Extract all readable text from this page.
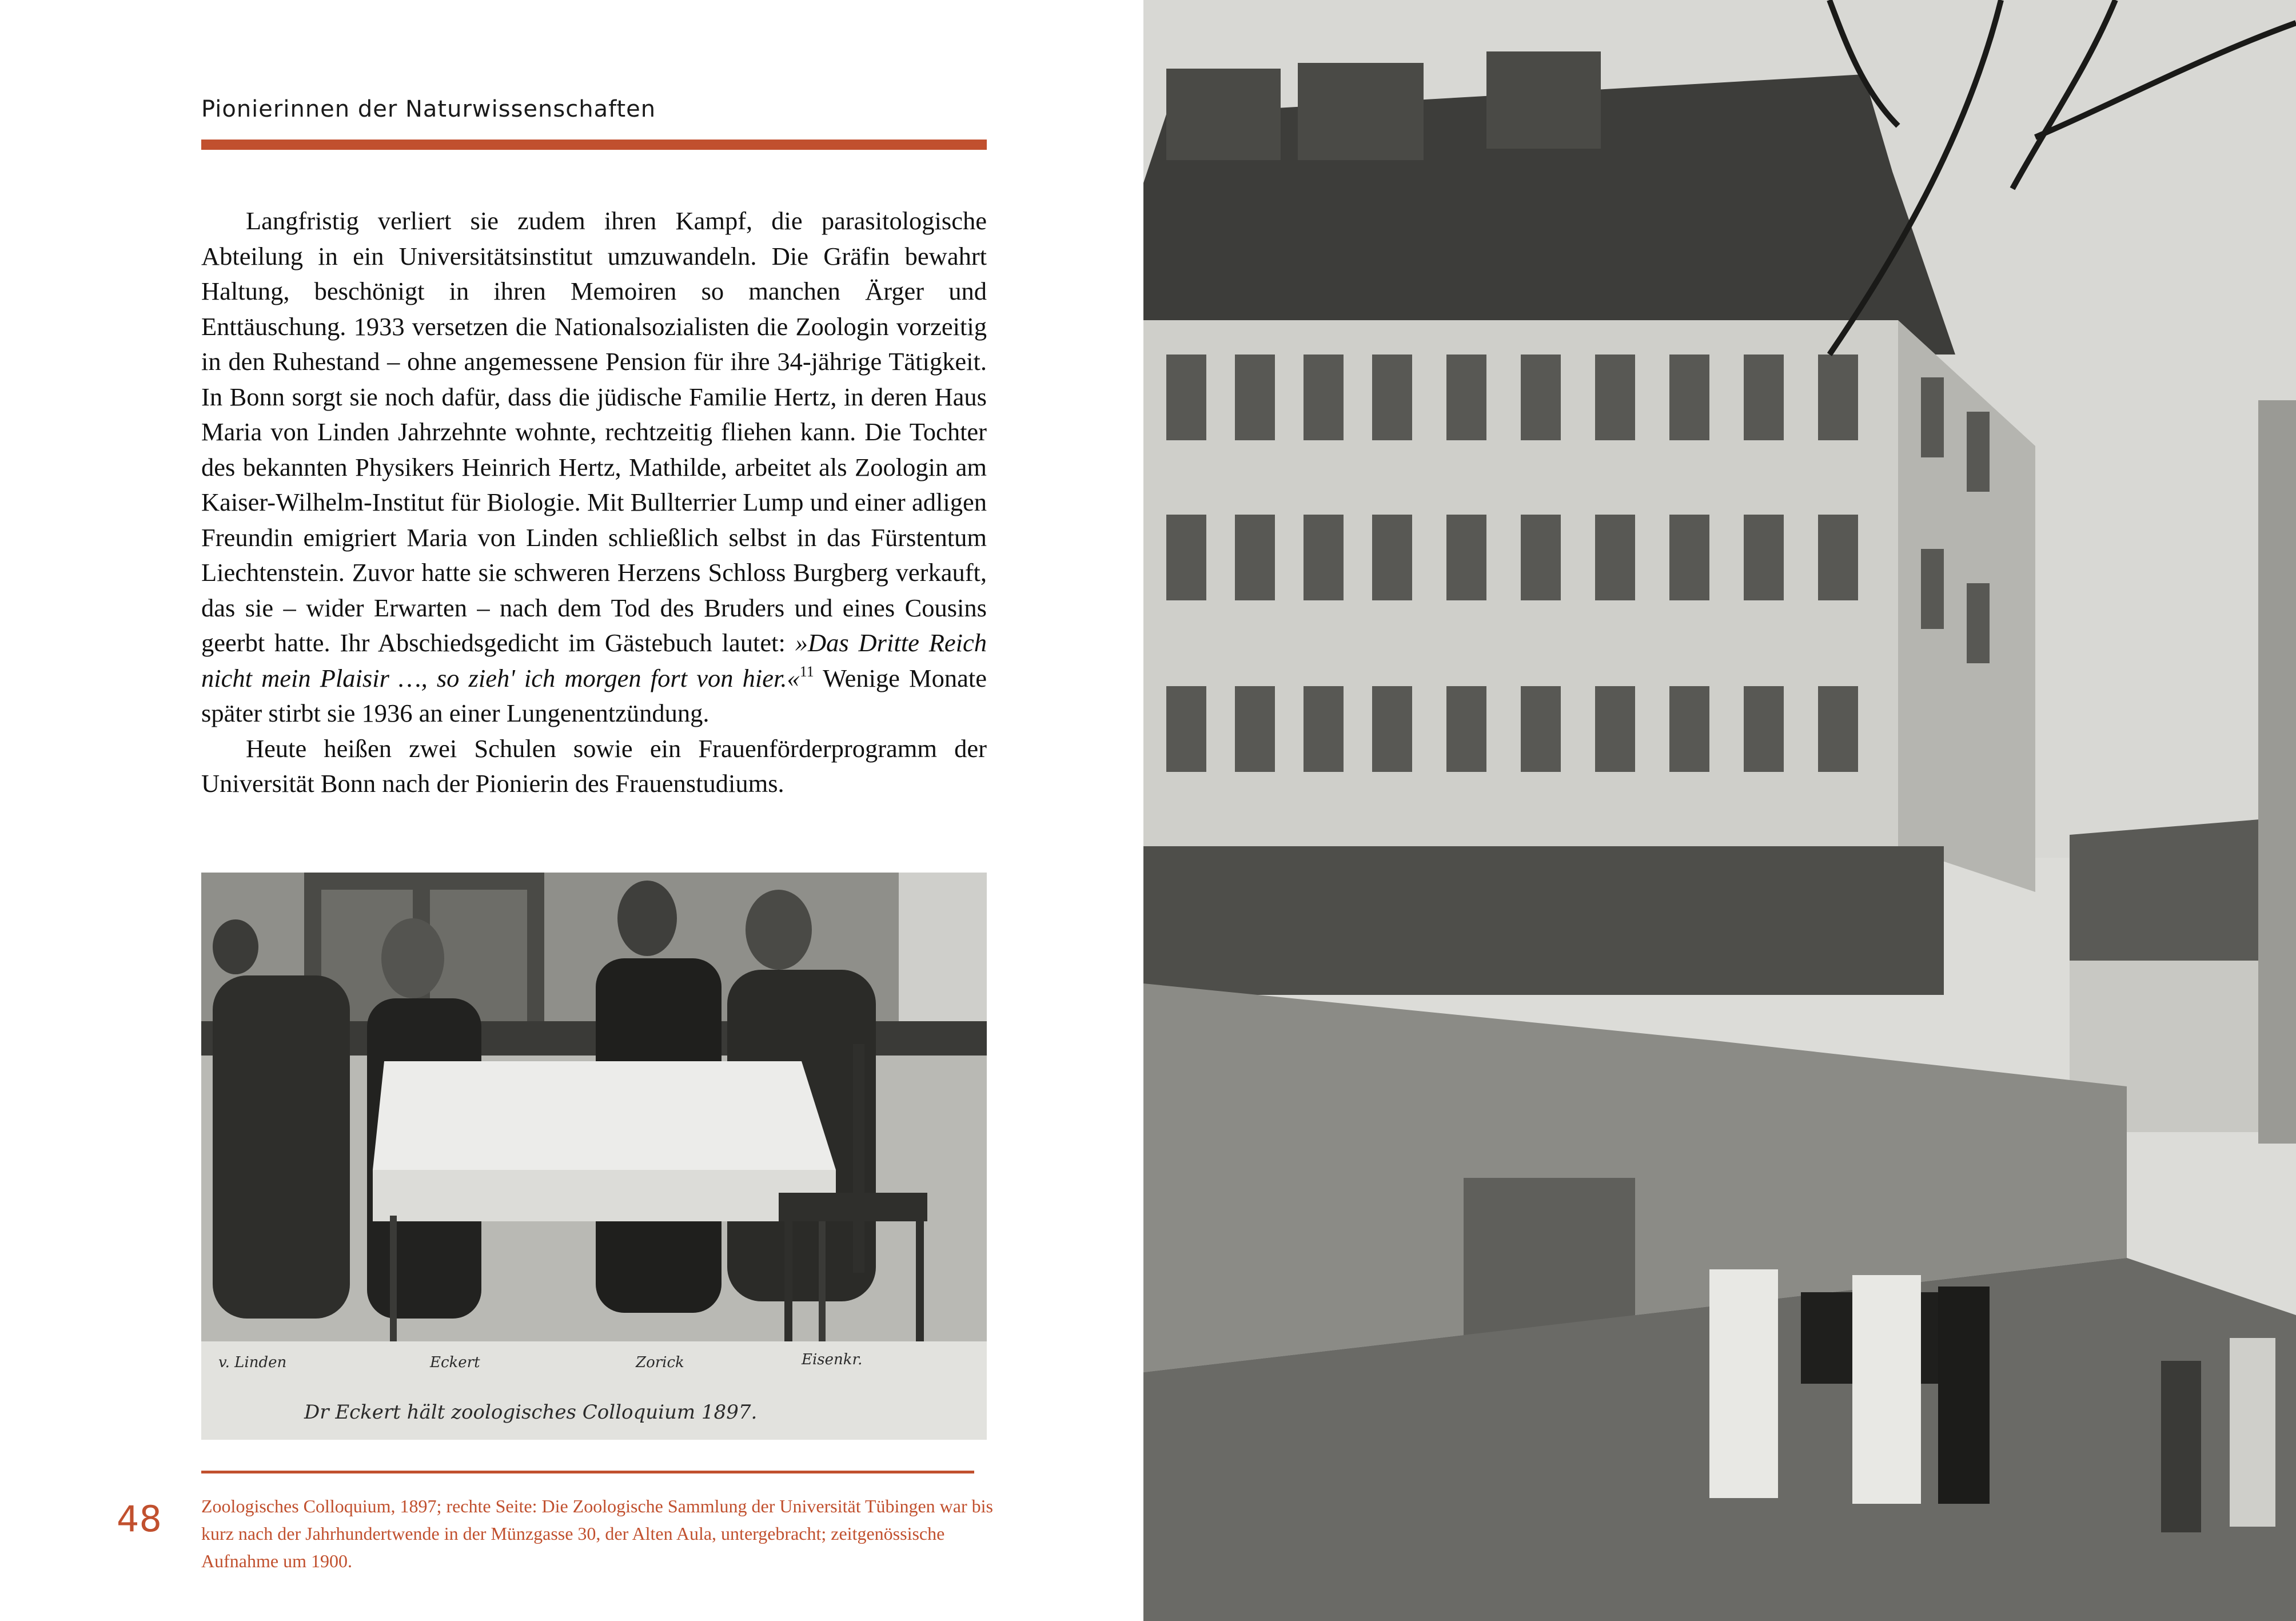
Pionierinnen der Naturwissenschaften

Langfristig verliert sie zudem ihren Kampf, die parasitologische Abteilung in ein Universitätsinstitut umzuwandeln. Die Gräfin bewahrt Haltung, beschönigt in ihren Memoiren so manchen Ärger und Enttäuschung. 1933 versetzen die Nationalsozialisten die Zoologin vorzeitig in den Ruhestand – ohne angemessene Pension für ihre 34-jährige Tätigkeit. In Bonn sorgt sie noch dafür, dass die jüdische Familie Hertz, in deren Haus Maria von Linden Jahrzehnte wohnte, rechtzeitig fliehen kann. Die Tochter des bekannten Physikers Heinrich Hertz, Mathilde, arbeitet als Zoologin am Kaiser-Wilhelm-Institut für Biologie. Mit Bullterrier Lump und einer adligen Freundin emigriert Maria von Linden schließlich selbst in das Fürstentum Liechtenstein. Zuvor hatte sie schweren Herzens Schloss Burgberg verkauft, das sie – wider Erwarten – nach dem Tod des Bruders und eines Cousins geerbt hatte. Ihr Abschiedsgedicht im Gästebuch lautet: »Das Dritte Reich nicht mein Plaisir …, so zieh' ich morgen fort von hier.«$^{11}$ Wenige Monate später stirbt sie 1936 an einer Lungenentzündung.

Heute heißen zwei Schulen sowie ein Frauenförderprogramm der Universität Bonn nach der Pionierin des Frauenstudiums.

v. Linden	Eckert	Zorick	Eisenkr.
Dr Eckert hält zoologisches Colloquium 1897.
48 Zoologisches Colloquium, 1897; rechte Seite: Die Zoologische Sammlung der Universität Tübingen war bis kurz nach der Jahrhundertwende in der Münzgasse 30, der Alten Aula, untergebracht; zeitgenössische Aufnahme um 1900.
